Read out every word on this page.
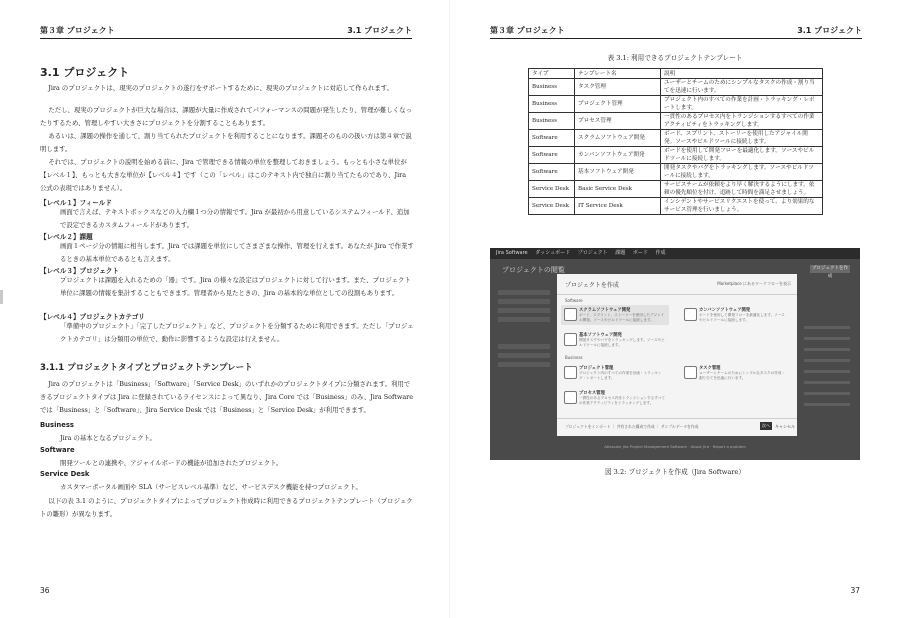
第３章 プロジェクト	3.1 プロジェクト
3.1 プロジェクト

Jira のプロジェクトは、現実のプロジェクトの遂行をサポートするために、現実のプロジェクトに対応して作られます。

ただし、現実のプロジェクトが巨大な場合は、課題が大量に作成されてパフォーマンスの問題が発生したり、管理が難しくなったりするため、管理しやすい大きさにプロジェクトを分割することもあります。

あるいは、課題の操作を通して、割り当てられたプロジェクトを利用することになります。課題そのものの扱い方は第４章で説明します。

それでは、プロジェクトの説明を始める前に、Jira で管理できる情報の単位を整理しておきましょう。もっとも小さな単位が【レベル１】、もっとも大きな単位が【レベル４】です（この「レベル」はこのテキスト内で独自に割り当てたものであり、Jira 公式の表現ではありません）。

【レベル１】フィールド

画面で言えば、テキストボックスなどの入力欄１つ分の情報です。Jira が最初から用意しているシステムフィールド、追加で設定できるカスタムフィールドがあります。

【レベル２】課題

画面１ページ分の情報に相当します。Jira では課題を単位にしてさまざまな操作、管理を行えます。あなたが Jira で作業するときの基本単位であるとも言えます。

【レベル３】プロジェクト

プロジェクトは課題を入れるための「器」です。Jira の様々な設定はプロジェクトに対して行います。また、プロジェクト単位に課題の情報を集計することもできます。管理者から見たときの、Jira の基本的な単位としての役割もあります。

【レベル４】プロジェクトカテゴリ

「準備中のプロジェクト」「完了したプロジェクト」など、プロジェクトを分類するために利用できます。ただし「プロジェクトカテゴリ」は分類用の単位で、動作に影響するような設定は行えません。

3.1.1 プロジェクトタイプとプロジェクトテンプレート

Jira のプロジェクトは「Business」「Software」「Service Desk」のいずれかのプロジェクトタイプに分類されます。利用できるプロジェクトタイプは Jira に登録されているライセンスによって異なり、Jira Core では「Business」のみ、Jira Software では「Business」と「Software」、Jira Service Desk では「Business」と「Service Desk」が利用できます。

Business
Jira の基本となるプロジェクト。
Software
開発ツールとの連携や、アジャイルボードの機能が追加されたプロジェクト。
Service Desk
カスタマーポータル画面や SLA（サービスレベル基準）など、サービスデスク機能を持つプロジェクト。

以下の表 3.1 のように、プロジェクトタイプによってプロジェクト作成時に利用できるプロジェクトテンプレート（プロジェクトの雛形）が異なります。

36
第３章 プロジェクト	3.1 プロジェクト
表 3.1: 利用できるプロジェクトテンプレート
タイプ	テンプレート名	説明
Business	タスク管理	ユーザーとチームのためにシンプルなタスクの作成・割り当てを迅速に行います。
Business	プロジェクト管理	プロジェクト内のすべての作業を計画・トラッキング・レポートします。
Business	プロセス管理	一貫性のあるプロセス内をトランジションするすべての作業アクティビティをトラッキングします。
Software	スクラムソフトウェア開発	ボード、スプリント、ストーリーを使用したアジャイル開発。ソースやビルドツールに接続します。
Software	カンバンソフトウェア開発	ボードを使用して開発フローを最適化します。ソースやビルドツールに接続します。
Software	基本ソフトウェア開発	開発タスクやバグをトラッキングします。ソースやビルドツールに接続します。
Service Desk	Basic Service Desk	サービスチームが依頼をより早く解決するようにします。依頼の優先順位を付け、追跡して時間を満足させましょう。
Service Desk	IT Service Desk	インシデントやサービスリクエストを使って、より効果的なサービス管理を行いましょう。
Jira Software ダッシュボード プロジェクト 課題 ボード 作成
プロジェクトの閲覧	プロジェクトを作成
Atlassian Jira Project Management Software · About Jira · Report a problem
プロジェクトを作成	Marketplace にあるワークフローを表示
Software
スクラムソフトウェア開発
ボード、スプリント、ストーリーを使用したアジャイル開発。ソースやビルドツールに接続します。
カンバンソフトウェア開発
ボードを使用して開発フローを最適化します。ソースやビルドツールに接続します。
基本ソフトウェア開発
開発タスクやバグをトラッキングします。ソースやビルドツールに接続します。
Business
プロジェクト管理
プロジェクト内のすべての作業を計画・トラッキング・レポートします。
タスク管理
ユーザーとチームのためにシンプルなタスクの作成・割り当てを迅速に行います。
プロセス管理
一貫性のあるプロセス内をトランジションするすべての作業アクティビティをトラッキングします。
プロジェクトをインポート ｜ 共有された構成で作成 ｜ サンプルデータを作成	次へ	キャンセル
図 3.2: プロジェクトを作成（Jira Software）
37
